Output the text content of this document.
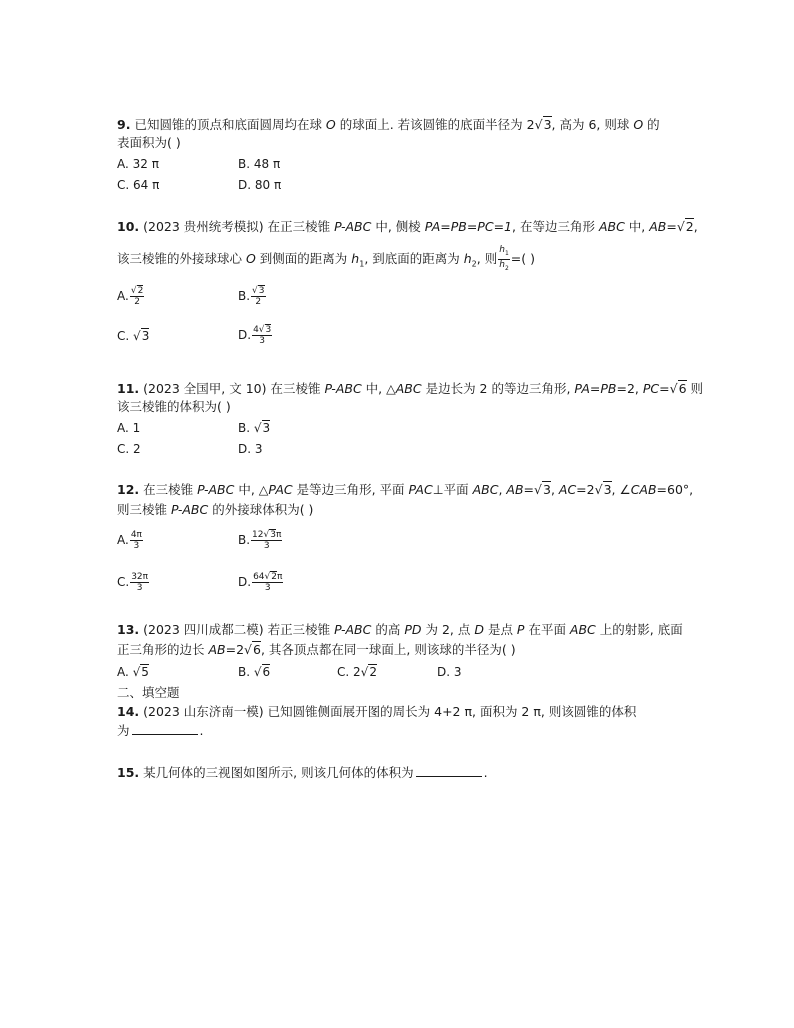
9. 已知圆锥的顶点和底面圆周均在球 O 的球面上. 若该圆锥的底面半径为 2√3, 高为 6, 则球 O 的
表面积为( )
A. 32 π	B. 48 π
C. 64 π	D. 80 π
10. (2023 贵州统考模拟) 在正三棱锥 P-ABC 中, 侧棱 PA=PB=PC=1, 在等边三角形 ABC 中, AB=√2,
该三棱锥的外接球球心 O 到侧面的距离为 $h_1$, 到底面的距离为 $h_2$, 则 $\frac{h_1}{h_2}$ =( )
A. $\frac{√2}{2}$	B. $\frac{√3}{2}$
C. √3	D. $\frac{4√3}{3}$
11. (2023 全国甲, 文 10) 在三棱锥 P-ABC 中, △ABC 是边长为 2 的等边三角形, PA=PB=2, PC=√6 则
该三棱锥的体积为( )
A. 1	B. √3
C. 2	D. 3
12. 在三棱锥 P-ABC 中, △PAC 是等边三角形, 平面 PAC⊥平面 ABC, AB=√3, AC=2√3, ∠CAB=60°,
则三棱锥 P-ABC 的外接球体积为( )
A. $\frac{4\pi}{3}$	B. $\frac{12√3\pi}{3}$
C. $\frac{32\pi}{3}$	D. $\frac{64√2\pi}{3}$
13. (2023 四川成都二模) 若正三棱锥 P-ABC 的高 PD 为 2, 点 D 是点 P 在平面 ABC 上的射影, 底面
正三角形的边长 AB=2√6, 其各顶点都在同一球面上, 则该球的半径为( )
A. √5	B. √6	C. 2√2	D. 3
二、填空题
14. (2023 山东济南一模) 已知圆锥侧面展开图的周长为 4+2 π, 面积为 2 π, 则该圆锥的体积
为	.
15. 某几何体的三视图如图所示, 则该几何体的体积为	.
